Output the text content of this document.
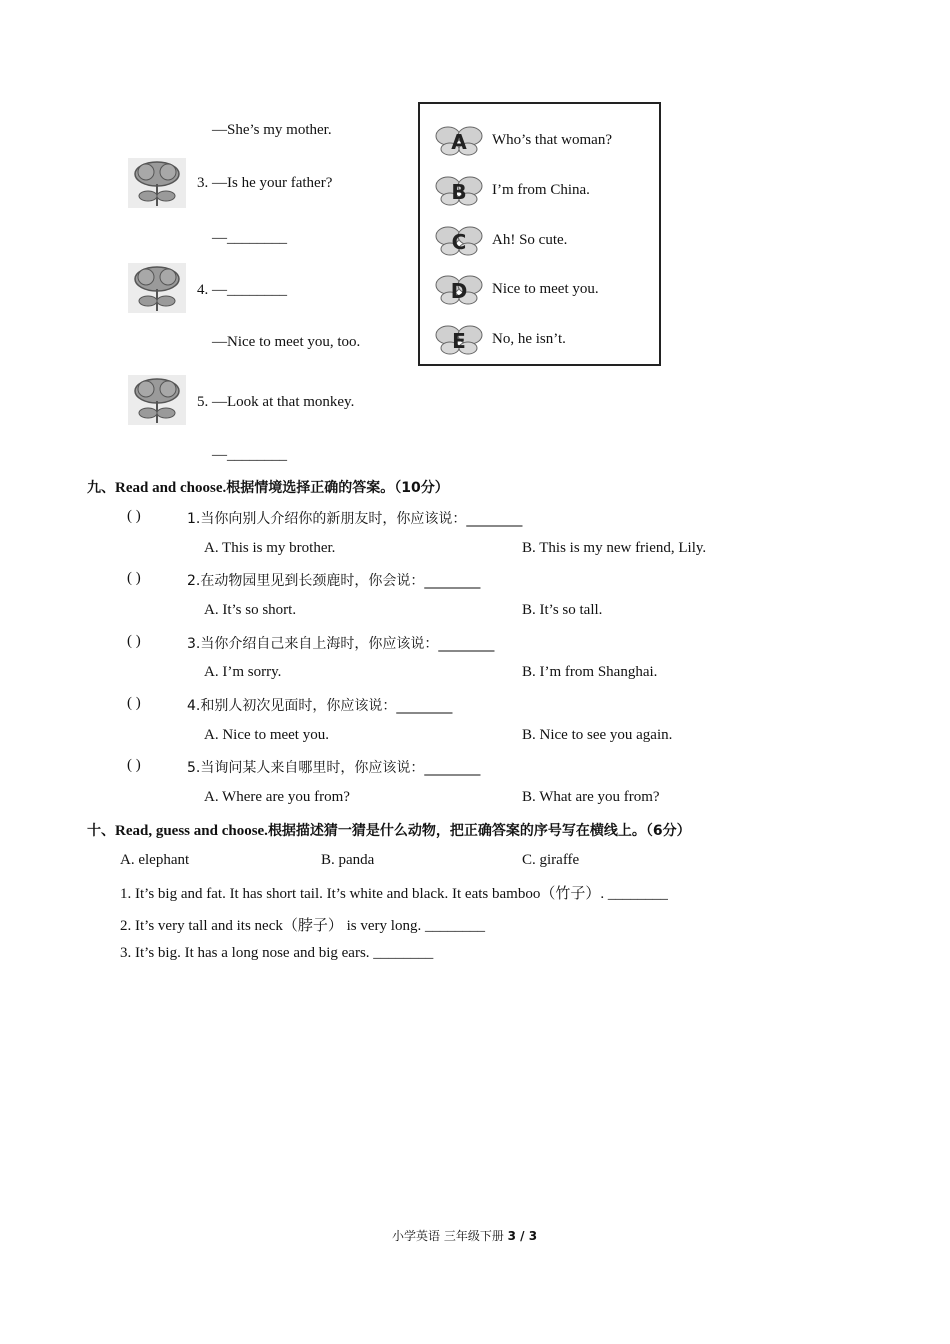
—She’s my mother.
3. —Is he your father?
—________
4. —________
—Nice to meet you, too.
5. —Look at that monkey.
—________
A Who’s that woman?
B I’m from China.
C Ah! So cute.
D Nice to meet you.
E No, he isn’t.
九、Read and choose.根据情境选择正确的答案。（10分）
( )	1.当你向别人介绍你的新朋友时，你应该说：________
A. This is my brother.	B. This is my new friend, Lily.
( )	2.在动物园里见到长颈鹿时，你会说：________
A. It’s so short.	B. It’s so tall.
( )	3.当你介绍自己来自上海时，你应该说：________
A. I’m sorry.	B. I’m from Shanghai.
( )	4.和别人初次见面时，你应该说：________
A. Nice to meet you.	B. Nice to see you again.
( )	5.当询问某人来自哪里时，你应该说：________
A. Where are you from?	B. What are you from?
十、Read, guess and choose.根据描述猜一猜是什么动物，把正确答案的序号写在横线上。（6分）
A. elephant	B. panda	C. giraffe
1. It’s big and fat. It has short tail. It’s white and black. It eats bamboo（竹子）. ________
2. It’s very tall and its neck（脖子） is very long. ________
3. It’s big. It has a long nose and big ears. ________
小学英语 三年级下册 3 / 3
